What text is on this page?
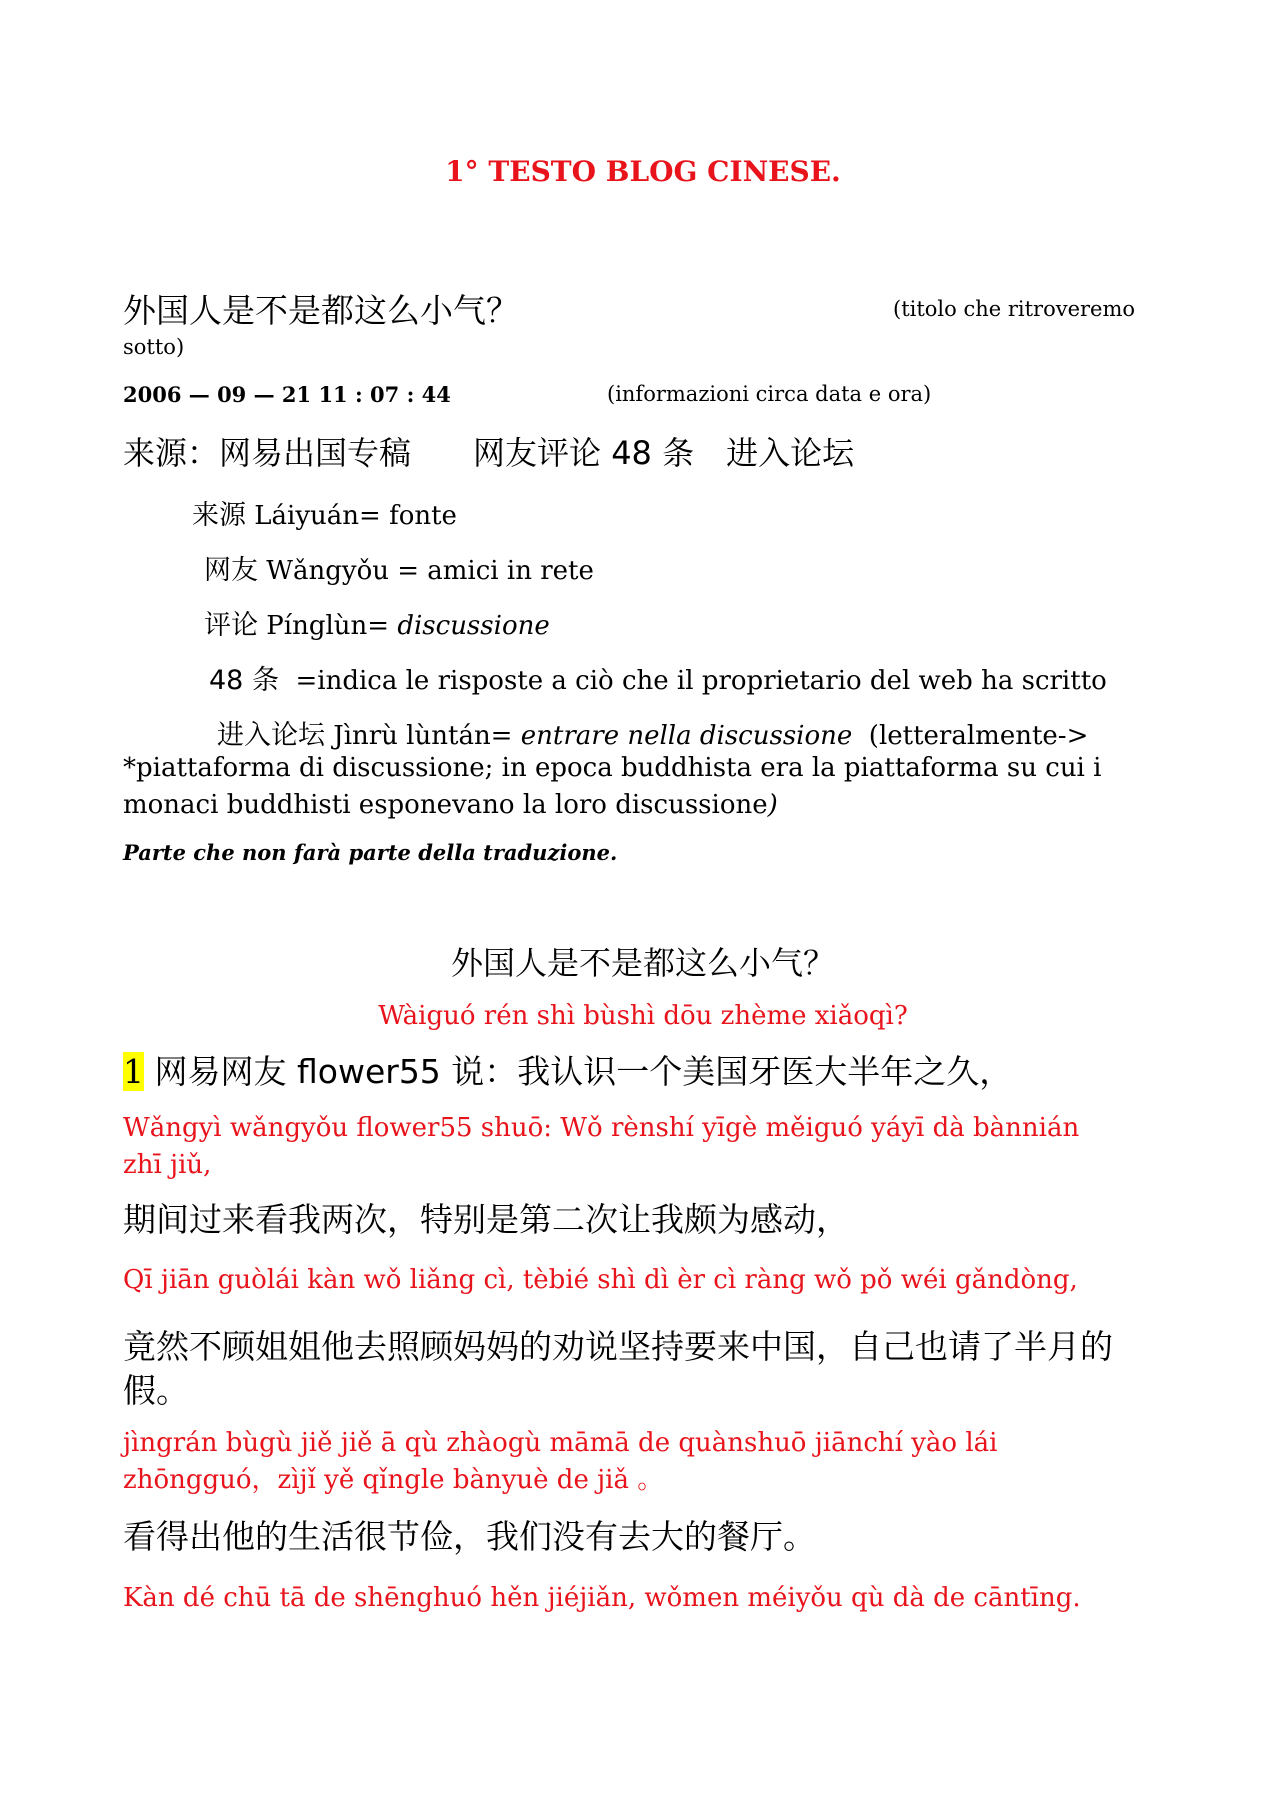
1° TESTO BLOG CINESE.

外国人是不是都这么小气？	(titolo che ritroveremo

sotto)

2006 — 09 — 21 11 : 07 : 44	(informazioni circa data e ora)

来源：网易出国专稿 网友评论 48 条 进入论坛

来源 Láiyuán= fonte

网友 Wǎngyǒu = amici in rete

评论 Pínglùn= discussione

48 条  =indica le risposte a ciò che il proprietario del web ha scritto

进入论坛 Jìnrù lùntán= entrare nella discussione  (letteralmente->

*piattaforma di discussione; in epoca buddhista era la piattaforma su cui i monaci buddhisti esponevano la loro discussione)

Parte che non farà parte della traduzione.

外国人是不是都这么小气？

Wàiguó rén shì bùshì dōu zhème xiǎoqì?

1 网易网友 flower55 说：我认识一个美国牙医大半年之久，

Wǎngyì wǎngyǒu flower55 shuō: Wǒ rènshí yīgè měiguó yáyī dà bànnián zhī jiǔ,

期间过来看我两次，特别是第二次让我颇为感动，

Qī jiān guòlái kàn wǒ liǎng cì, tèbié shì dì èr cì ràng wǒ pǒ wéi gǎndòng,

竟然不顾姐姐他去照顾妈妈的劝说坚持要来中国，自己也请了半月的 假。

jìngrán bùgù jiě jiě ā qù zhàogù māmā de quànshuō jiānchí yào lái zhōngguó，zìjǐ yě qǐngle bànyuè de jiǎ 。

看得出他的生活很节俭，我们没有去大的餐厅。

Kàn dé chū tā de shēnghuó hěn jiéjiǎn, wǒmen méiyǒu qù dà de cāntīng.
